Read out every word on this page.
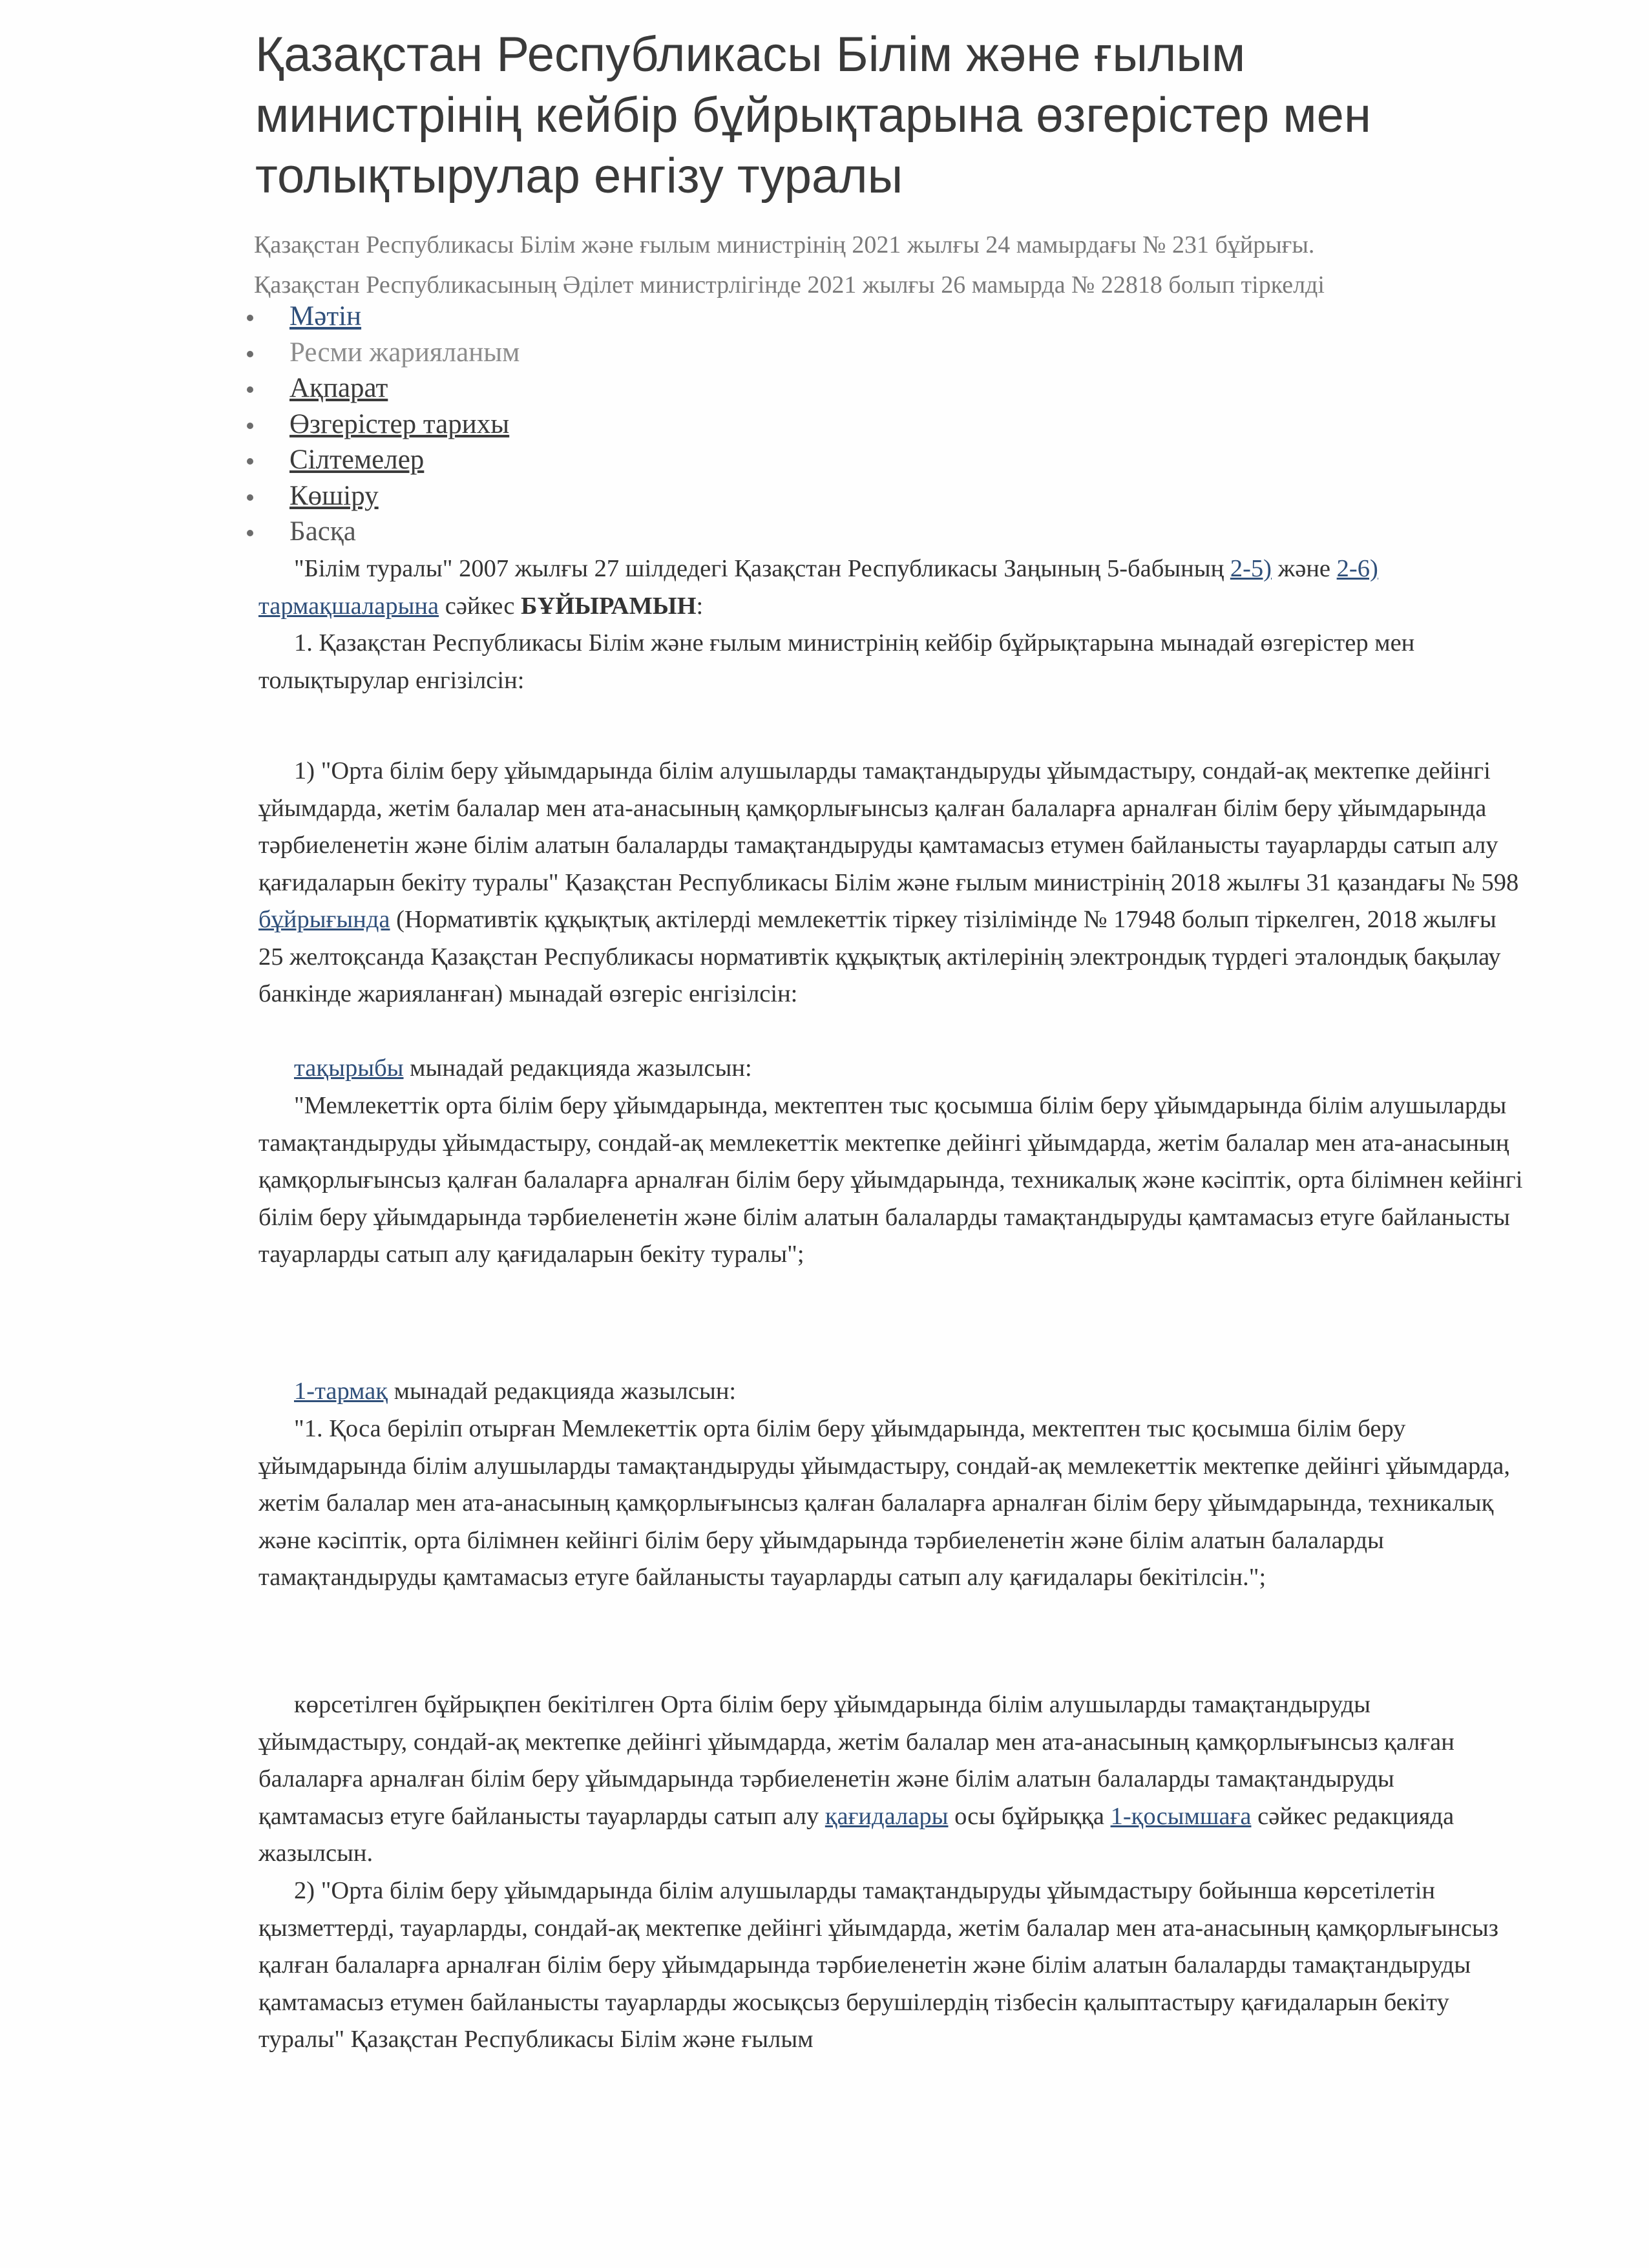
Қазақстан Республикасы Білім және ғылым министрінің кейбір бұйрықтарына өзгерістер мен толықтырулар енгізу туралы
Қазақстан Республикасы Білім және ғылым министрінің 2021 жылғы 24 мамырдағы № 231 бұйрығы.
Қазақстан Республикасының Әділет министрлігінде 2021 жылғы 26 мамырда № 22818 болып тіркелді
Мәтін
Ресми жарияланым
Ақпарат
Өзгерістер тарихы
Сілтемелер
Көшіру
Басқа

"Білім туралы" 2007 жылғы 27 шілдедегі Қазақстан Республикасы Заңының 5-бабының 2-5) және 2-6) тармақшаларына сәйкес БҰЙЫРАМЫН:

1. Қазақстан Республикасы Білім және ғылым министрінің кейбір бұйрықтарына мынадай өзгерістер мен толықтырулар енгізілсін:

1) "Орта білім беру ұйымдарында білім алушыларды тамақтандыруды ұйымдастыру, сондай-ақ мектепке дейінгі ұйымдарда, жетім балалар мен ата-анасының қамқорлығынсыз қалған балаларға арналған білім беру ұйымдарында тәрбиеленетін және білім алатын балаларды тамақтандыруды қамтамасыз етумен байланысты тауарларды сатып алу қағидаларын бекіту туралы" Қазақстан Республикасы Білім және ғылым министрінің 2018 жылғы 31 қазандағы № 598 бұйрығында (Нормативтік құқықтық актілерді мемлекеттік тіркеу тізілімінде № 17948 болып тіркелген, 2018 жылғы 25 желтоқсанда Қазақстан Республикасы нормативтік құқықтық актілерінің электрондық түрдегі эталондық бақылау банкінде жарияланған) мынадай өзгеріс енгізілсін:

тақырыбы мынадай редакцияда жазылсын:

"Мемлекеттік орта білім беру ұйымдарында, мектептен тыс қосымша білім беру ұйымдарында білім алушыларды тамақтандыруды ұйымдастыру, сондай-ақ мемлекеттік мектепке дейінгі ұйымдарда, жетім балалар мен ата-анасының қамқорлығынсыз қалған балаларға арналған білім беру ұйымдарында, техникалық және кәсіптік, орта білімнен кейінгі білім беру ұйымдарында тәрбиеленетін және білім алатын балаларды тамақтандыруды қамтамасыз етуге байланысты тауарларды сатып алу қағидаларын бекіту туралы";

1-тармақ мынадай редакцияда жазылсын:

"1. Қоса беріліп отырған Мемлекеттік орта білім беру ұйымдарында, мектептен тыс қосымша білім беру ұйымдарында білім алушыларды тамақтандыруды ұйымдастыру, сондай-ақ мемлекеттік мектепке дейінгі ұйымдарда, жетім балалар мен ата-анасының қамқорлығынсыз қалған балаларға арналған білім беру ұйымдарында, техникалық және кәсіптік, орта білімнен кейінгі білім беру ұйымдарында тәрбиеленетін және білім алатын балаларды тамақтандыруды қамтамасыз етуге байланысты тауарларды сатып алу қағидалары бекітілсін.";

көрсетілген бұйрықпен бекітілген Орта білім беру ұйымдарында білім алушыларды тамақтандыруды ұйымдастыру, сондай-ақ мектепке дейінгі ұйымдарда, жетім балалар мен ата-анасының қамқорлығынсыз қалған балаларға арналған білім беру ұйымдарында тәрбиеленетін және білім алатын балаларды тамақтандыруды қамтамасыз етуге байланысты тауарларды сатып алу қағидалары осы бұйрыққа 1-қосымшаға сәйкес редакцияда жазылсын.

2) "Орта білім беру ұйымдарында білім алушыларды тамақтандыруды ұйымдастыру бойынша көрсетілетін қызметтерді, тауарларды, сондай-ақ мектепке дейінгі ұйымдарда, жетім балалар мен ата-анасының қамқорлығынсыз қалған балаларға арналған білім беру ұйымдарында тәрбиеленетін және білім алатын балаларды тамақтандыруды қамтамасыз етумен байланысты тауарларды жосықсыз берушілердің тізбесін қалыптастыру қағидаларын бекіту туралы" Қазақстан Республикасы Білім және ғылым
